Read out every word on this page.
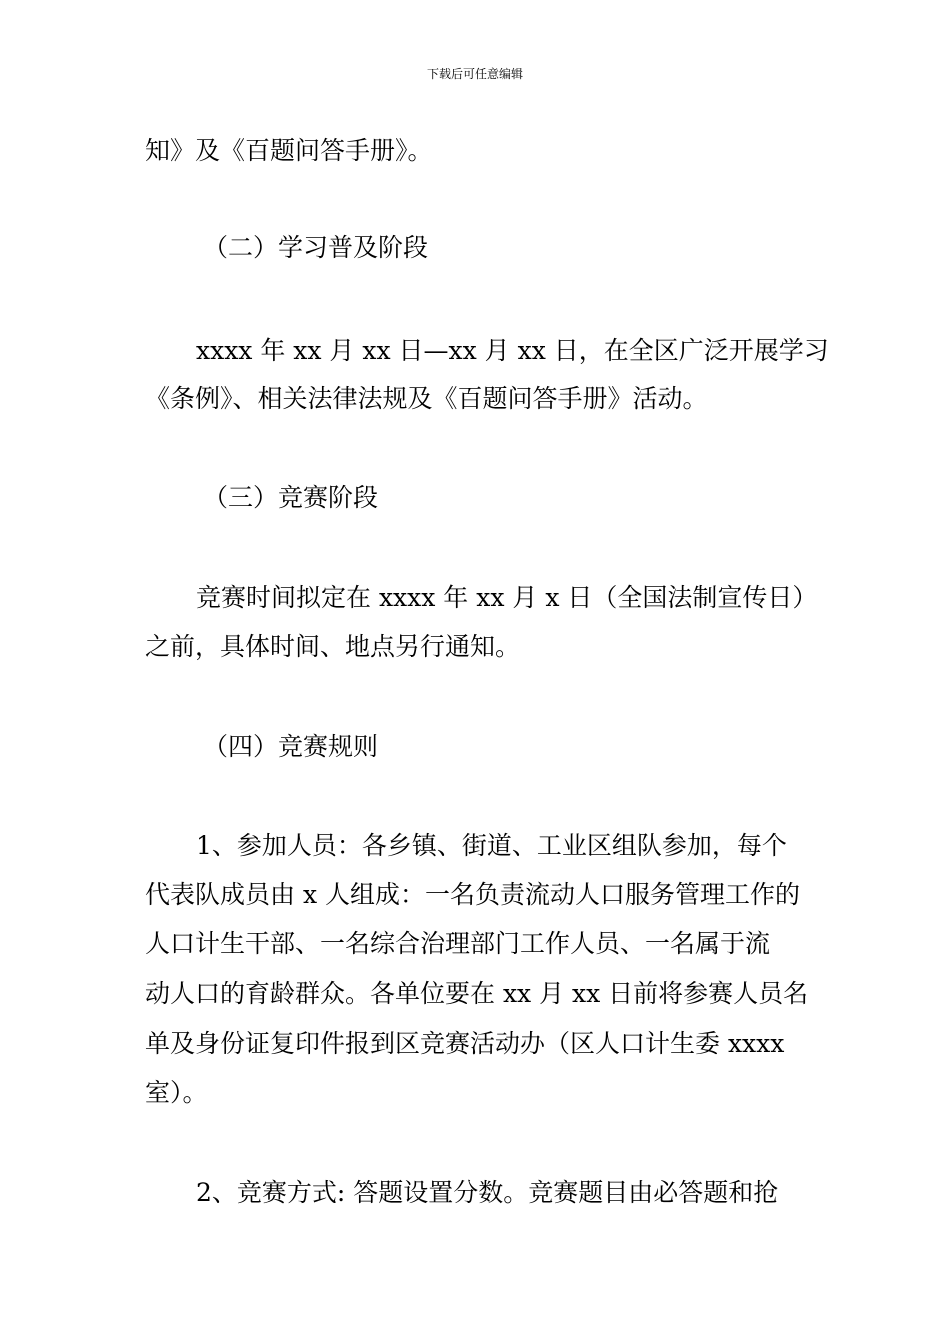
下载后可任意编辑
知》及《百题问答手册》。
（二）学习普及阶段
xxxx 年 xx 月 xx 日—xx 月 xx 日，在全区广泛开展学习
《条例》、相关法律法规及《百题问答手册》活动。
（三）竞赛阶段
竞赛时间拟定在 xxxx 年 xx 月 x 日（全国法制宣传日）
之前，具体时间、地点另行通知。
（四）竞赛规则
1、参加人员：各乡镇、街道、工业区组队参加，每个
代表队成员由 x 人组成：一名负责流动人口服务管理工作的
人口计生干部、一名综合治理部门工作人员、一名属于流
动人口的育龄群众。各单位要在 xx 月 xx 日前将参赛人员名
单及身份证复印件报到区竞赛活动办（区人口计生委 xxxx
室）。
2、竞赛方式: 答题设置分数。竞赛题目由必答题和抢
